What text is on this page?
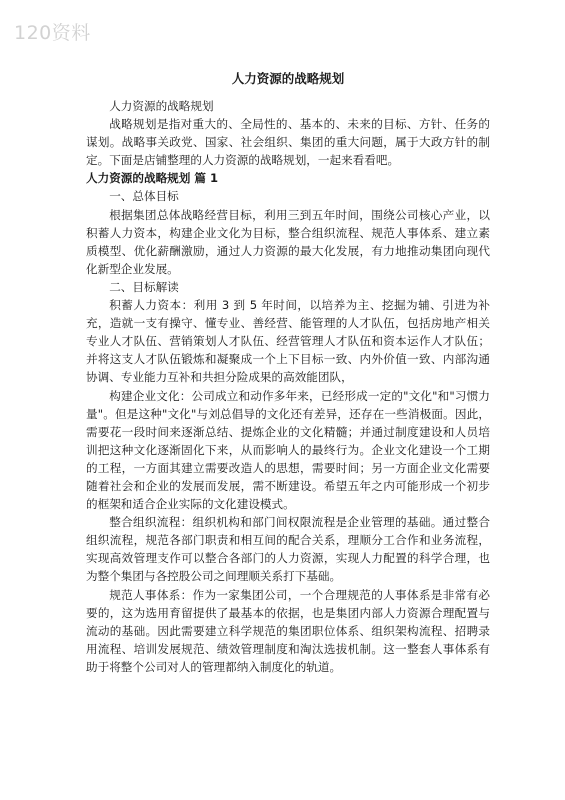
120资料
人力资源的战略规划

人力资源的战略规划

战略规划是指对重大的、全局性的、基本的、未来的目标、方针、任务的谋划。战略事关政党、国家、社会组织、集团的重大问题，属于大政方针的制定。下面是店铺整理的人力资源的战略规划，一起来看看吧。

人力资源的战略规划 篇 1

一、总体目标

根据集团总体战略经营目标，利用三到五年时间，围绕公司核心产业，以积蓄人力资本，构建企业文化为目标，整合组织流程、规范人事体系、建立素质模型、优化薪酬激励，通过人力资源的最大化发展，有力地推动集团向现代化新型企业发展。

二、目标解读

积蓄人力资本：利用 3 到 5 年时间，以培养为主、挖掘为辅、引进为补充，造就一支有操守、懂专业、善经营、能管理的人才队伍，包括房地产相关专业人才队伍、营销策划人才队伍、经营管理人才队伍和资本运作人才队伍；并将这支人才队伍锻炼和凝聚成一个上下目标一致、内外价值一致、内部沟通协调、专业能力互补和共担分险成果的高效能团队，

构建企业文化：公司成立和动作多年来，已经形成一定的"文化"和"习惯力量"。但是这种"文化"与刘总倡导的文化还有差异，还存在一些消极面。因此，需要花一段时间来逐渐总结、提炼企业的文化精髓；并通过制度建设和人员培训把这种文化逐渐固化下来，从而影响人的最终行为。企业文化建设一个工期的工程，一方面其建立需要改造人的思想，需要时间；另一方面企业文化需要随着社会和企业的发展而发展，需不断建设。希望五年之内可能形成一个初步的框架和适合企业实际的文化建设模式。

整合组织流程：组织机构和部门间权限流程是企业管理的基础。通过整合组织流程，规范各部门职责和相互间的配合关系，理顺分工合作和业务流程，实现高效管理支作可以整合各部门的人力资源，实现人力配置的科学合理，也为整个集团与各控股公司之间理顺关系打下基础。

规范人事体系：作为一家集团公司，一个合理规范的人事体系是非常有必要的，这为选用育留提供了最基本的依据，也是集团内部人力资源合理配置与流动的基础。因此需要建立科学规范的集团职位体系、组织架构流程、招聘录用流程、培训发展规范、绩效管理制度和淘汰选拔机制。这一整套人事体系有助于将整个公司对人的管理都纳入制度化的轨道。
